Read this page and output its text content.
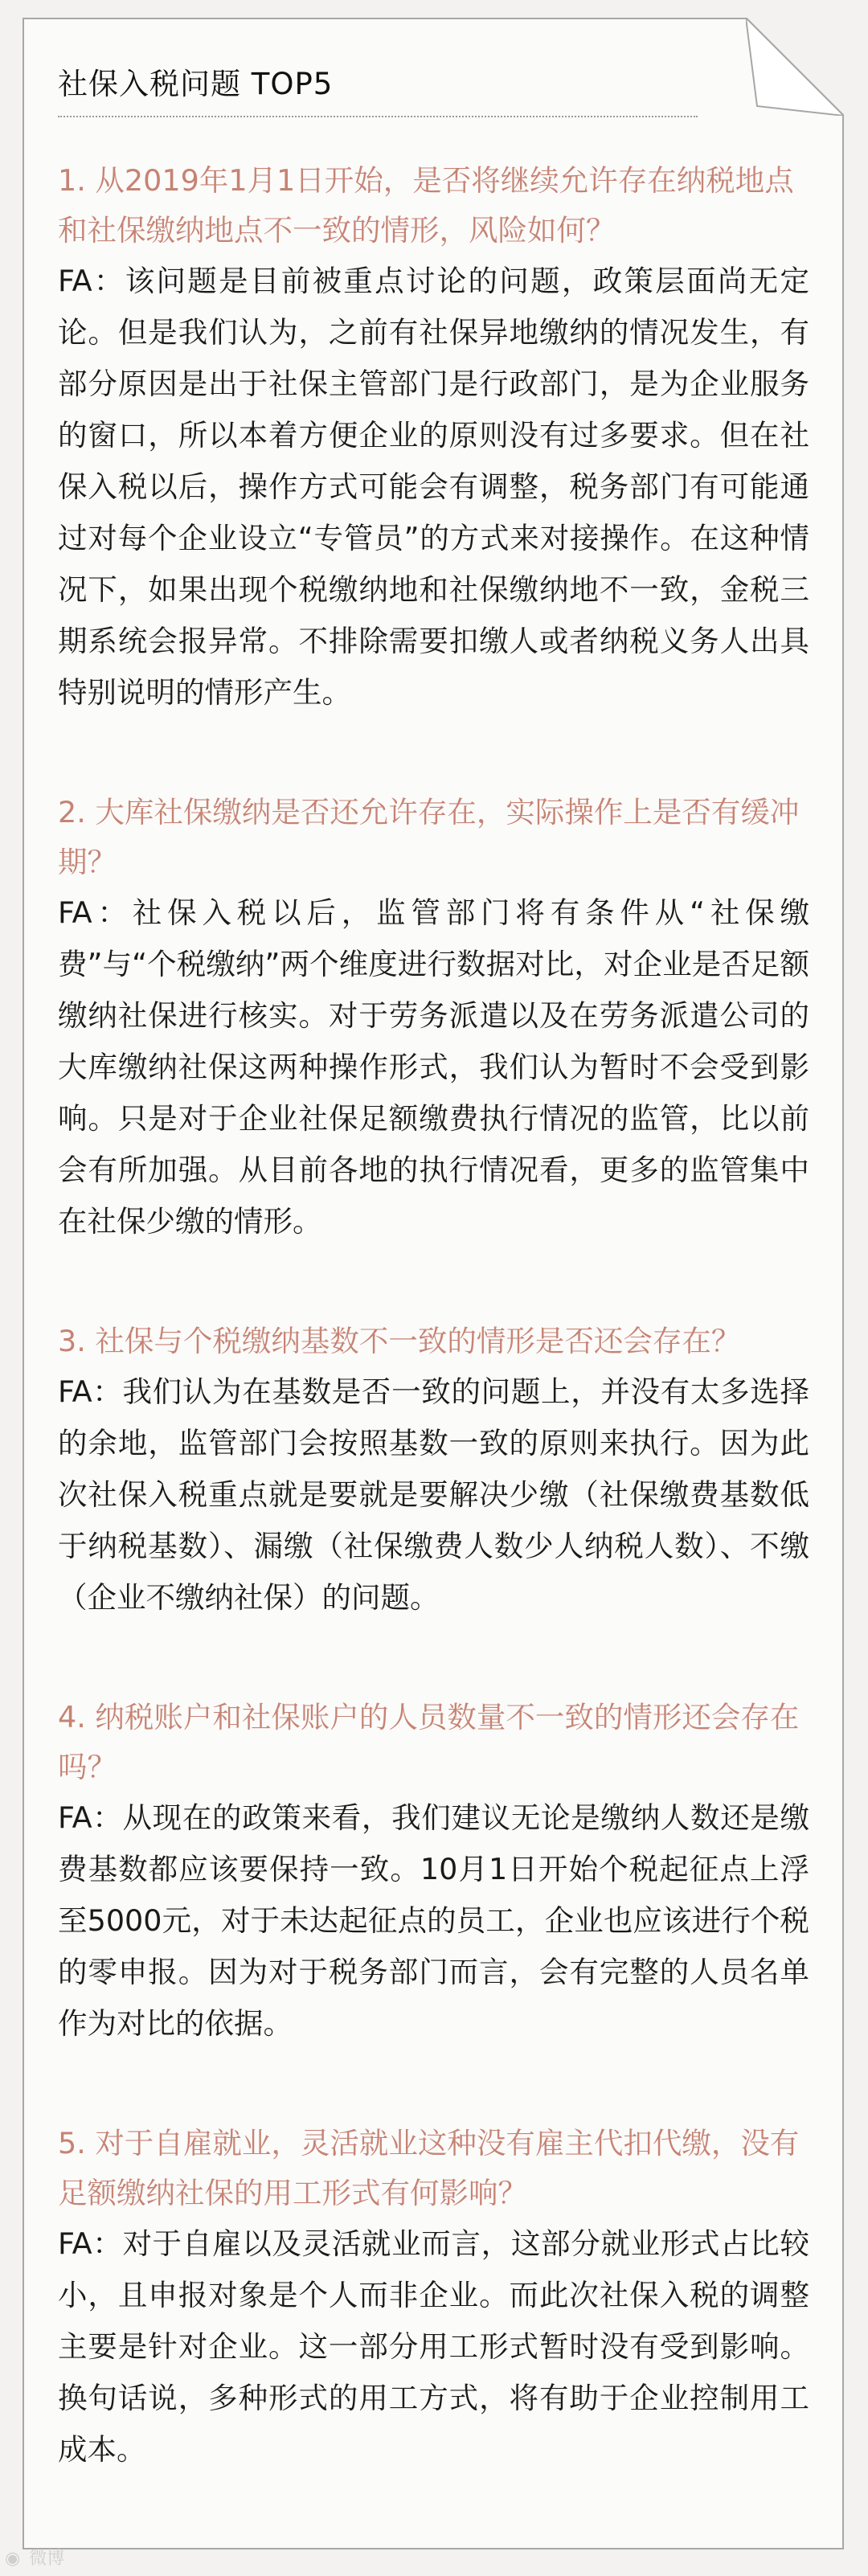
社保入税问题 TOP5

1. 从2019年1月1日开始，是否将继续允许存在纳税地点和社保缴纳地点不一致的情形，风险如何？

FA：该问题是目前被重点讨论的问题，政策层面尚无定论。但是我们认为，之前有社保异地缴纳的情况发生，有部分原因是出于社保主管部门是行政部门，是为企业服务的窗口，所以本着方便企业的原则没有过多要求。但在社保入税以后，操作方式可能会有调整，税务部门有可能通过对每个企业设立“专管员”的方式来对接操作。在这种情况下，如果出现个税缴纳地和社保缴纳地不一致，金税三期系统会报异常。不排除需要扣缴人或者纳税义务人出具特别说明的情形产生。

2. 大库社保缴纳是否还允许存在，实际操作上是否有缓冲期？

FA：社保入税以后，监管部门将有条件从“社保缴费”与“个税缴纳”两个维度进行数据对比，对企业是否足额缴纳社保进行核实。对于劳务派遣以及在劳务派遣公司的大库缴纳社保这两种操作形式，我们认为暂时不会受到影响。只是对于企业社保足额缴费执行情况的监管，比以前会有所加强。从目前各地的执行情况看，更多的监管集中在社保少缴的情形。

3. 社保与个税缴纳基数不一致的情形是否还会存在？

FA：我们认为在基数是否一致的问题上，并没有太多选择的余地，监管部门会按照基数一致的原则来执行。因为此次社保入税重点就是要就是要解决少缴（社保缴费基数低于纳税基数）、漏缴（社保缴费人数少人纳税人数）、不缴（企业不缴纳社保）的问题。

4. 纳税账户和社保账户的人员数量不一致的情形还会存在吗？

FA：从现在的政策来看，我们建议无论是缴纳人数还是缴费基数都应该要保持一致。10月1日开始个税起征点上浮至5000元，对于未达起征点的员工，企业也应该进行个税的零申报。因为对于税务部门而言，会有完整的人员名单作为对比的依据。

5. 对于自雇就业，灵活就业这种没有雇主代扣代缴，没有足额缴纳社保的用工形式有何影响？

FA：对于自雇以及灵活就业而言，这部分就业形式占比较小，且申报对象是个人而非企业。而此次社保入税的调整主要是针对企业。这一部分用工形式暂时没有受到影响。换句话说，多种形式的用工方式，将有助于企业控制用工成本。

◉ 微博
